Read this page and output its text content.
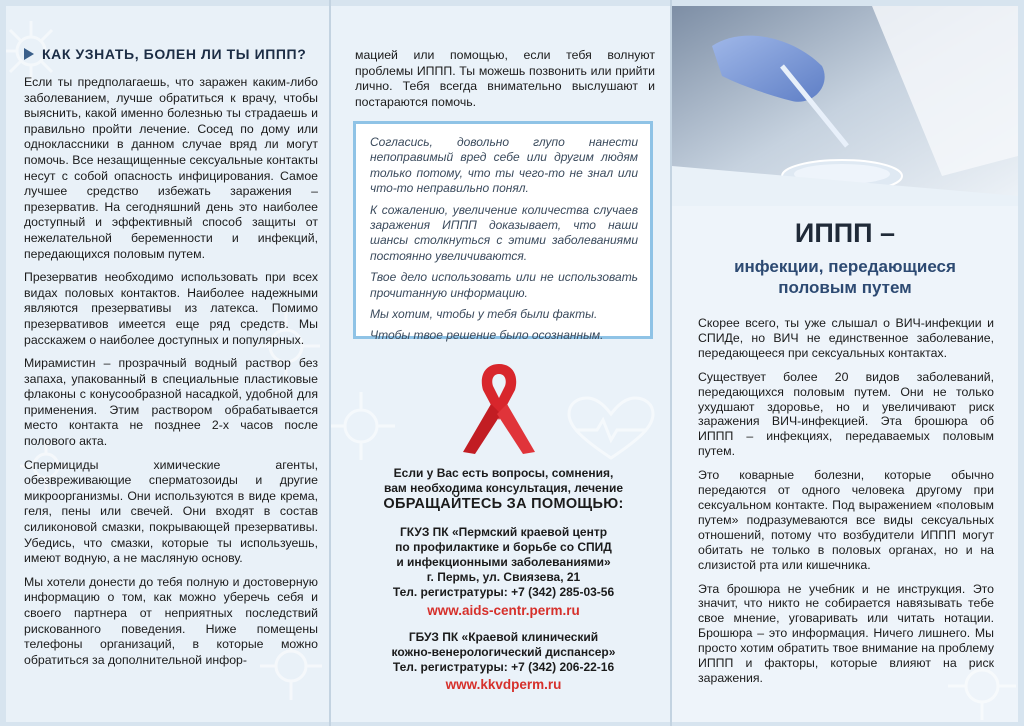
КАК УЗНАТЬ, БОЛЕН ЛИ ТЫ ИППП?

Если ты предполагаешь, что заражен каким-либо заболеванием, лучше обратиться к врачу, чтобы выяснить, какой именно болезнью ты страдаешь и правильно пройти лечение. Сосед по дому или одноклассники в данном случае вряд ли могут помочь. Все незащищенные сексуальные контакты несут с собой опасность инфицирования. Самое лучшее средство избежать заражения – презерватив. На сегодняшний день это наиболее доступный и эффективный способ защиты от нежелательной беременности и инфекций, передающихся половым путем.

Презерватив необходимо использовать при всех видах половых контактов. Наиболее надежными являются презервативы из латекса. Помимо презервативов имеется еще ряд средств. Мы расскажем о наиболее доступных и популярных.

Мирамистин – прозрачный водный раствор без запаха, упакованный в специальные пластиковые флаконы с конусообразной насадкой, удобной для применения. Этим раствором обрабатывается место контакта не позднее 2-х часов после полового акта.

Спермициды химические агенты, обезвреживающие сперматозоиды и другие микроорганизмы. Они используются в виде крема, геля, пены или свечей. Они входят в состав силиконовой смазки, покрывающей презервативы. Убедись, что смазки, которые ты используешь, имеют водную, а не масляную основу.

Мы хотели донести до тебя полную и достоверную информацию о том, как можно уберечь себя и своего партнера от неприятных последствий рискованного поведения. Ниже помещены телефоны организаций, в которые можно обратиться за дополнительной инфор-

мацией или помощью, если тебя волнуют проблемы ИППП. Ты можешь позвонить или прийти лично. Тебя всегда внимательно выслушают и постараются помочь.

Согласись, довольно глупо нанести непоправимый вред себе или другим людям только потому, что ты чего-то не знал или что-то неправильно понял.

К сожалению, увеличение количества случаев заражения ИППП доказывает, что наши шансы столкнуться с этими заболеваниями постоянно увеличиваются.

Твое дело использовать или не использовать прочитанную информацию.

Мы хотим, чтобы у тебя были факты.

Чтобы твое решение было осознанным.

Если у Вас есть вопросы, сомнения,

вам необходима консультация, лечение

ОБРАЩАЙТЕСЬ ЗА ПОМОЩЬЮ:

ГКУЗ ПК «Пермский краевой центр

по профилактике и борьбе со СПИД

и инфекционными заболеваниями»

г. Пермь, ул. Свиязева, 21

Тел. регистратуры: +7 (342) 285-03-56

www.aids-centr.perm.ru

ГБУЗ ПК «Краевой клинический

кожно-венерологический диспансер»

Тел. регистратуры: +7 (342) 206-22-16

www.kkvdperm.ru

ИППП –
инфекции, передающиеся
половым путем

Скорее всего, ты уже слышал о ВИЧ-инфекции и СПИДе, но ВИЧ не единственное заболевание, передающееся при сексуальных контактах.

Существует более 20 видов заболеваний, передающихся половым путем. Они не только ухудшают здоровье, но и увеличивают риск заражения ВИЧ-инфекцией. Эта брошюра об ИППП – инфекциях, передаваемых половым путем.

Это коварные болезни, которые обычно передаются от одного человека другому при сексуальном контакте. Под выражением «половым путем» подразумеваются все виды сексуальных отношений, потому что возбудители ИППП могут обитать не только в половых органах, но и на слизистой рта или кишечника.

Эта брошюра не учебник и не инструкция. Это значит, что никто не собирается навязывать тебе свое мнение, уговаривать или читать нотации. Брошюра – это информация. Ничего лишнего. Мы просто хотим обратить твое внимание на проблему ИППП и факторы, которые влияют на риск заражения.
